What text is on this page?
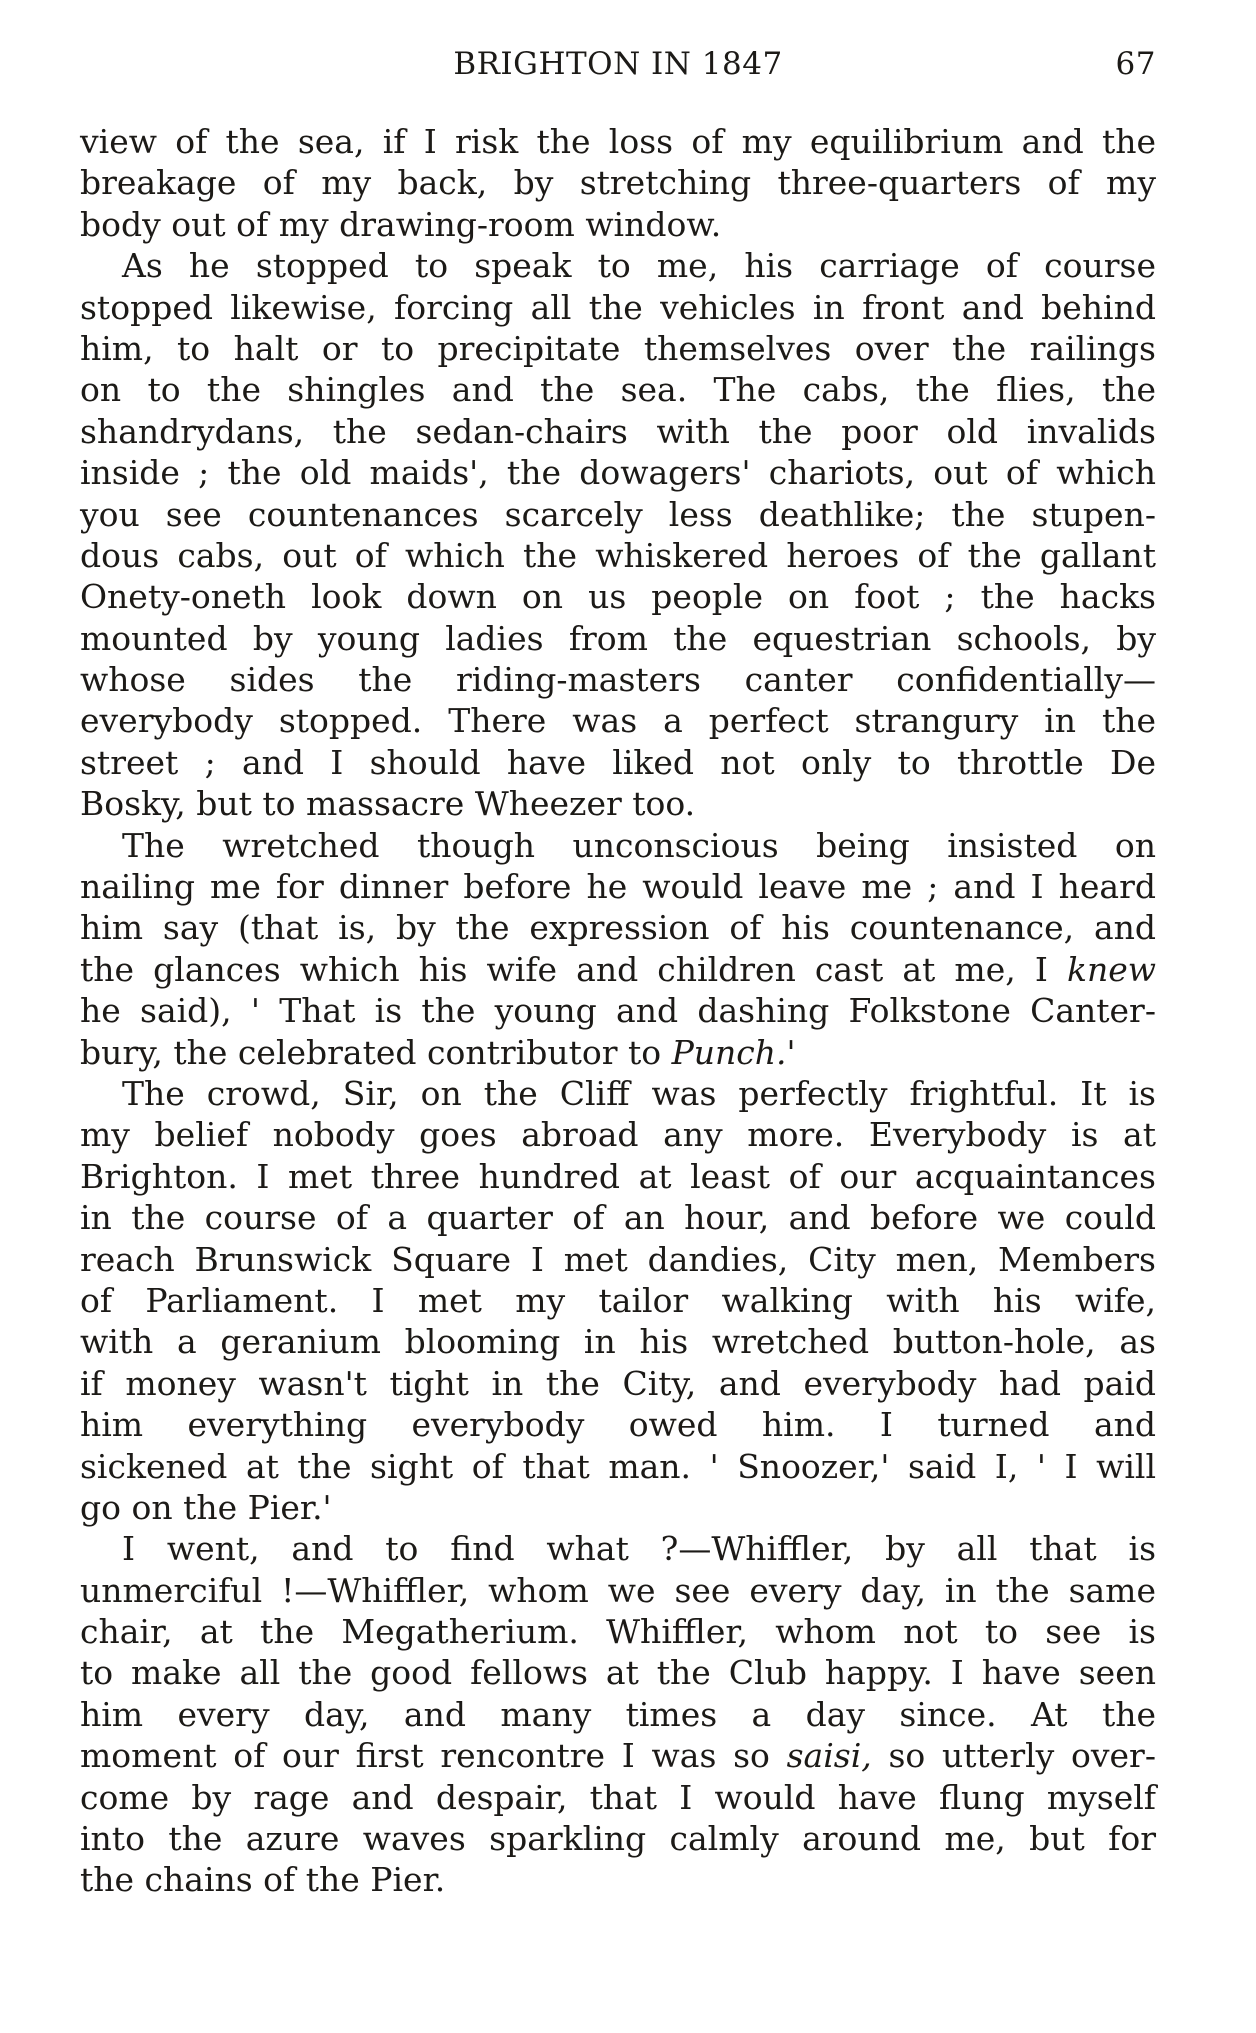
BRIGHTON IN 1847	67
view of the sea, if I risk the loss of my equilibrium and the
breakage of my back, by stretching three-quarters of my
body out of my drawing-room window.
As he stopped to speak to me, his carriage of course
stopped likewise, forcing all the vehicles in front and behind
him, to halt or to precipitate themselves over the railings
on to the shingles and the sea. The cabs, the flies, the
shandrydans, the sedan-chairs with the poor old invalids
inside ; the old maids', the dowagers' chariots, out of which
you see countenances scarcely less deathlike; the stupen-
dous cabs, out of which the whiskered heroes of the gallant
Onety-oneth look down on us people on foot ; the hacks
mounted by young ladies from the equestrian schools, by
whose sides the riding-masters canter confidentially—
everybody stopped. There was a perfect strangury in the
street ; and I should have liked not only to throttle De
Bosky, but to massacre Wheezer too.
The wretched though unconscious being insisted on
nailing me for dinner before he would leave me ; and I heard
him say (that is, by the expression of his countenance, and
the glances which his wife and children cast at me, I knew
he said), ' That is the young and dashing Folkstone Canter-
bury, the celebrated contributor to Punch.'
The crowd, Sir, on the Cliff was perfectly frightful. It is
my belief nobody goes abroad any more. Everybody is at
Brighton. I met three hundred at least of our acquaintances
in the course of a quarter of an hour, and before we could
reach Brunswick Square I met dandies, City men, Members
of Parliament. I met my tailor walking with his wife,
with a geranium blooming in his wretched button-hole, as
if money wasn't tight in the City, and everybody had paid
him everything everybody owed him. I turned and
sickened at the sight of that man. ' Snoozer,' said I, ' I will
go on the Pier.'
I went, and to find what ?—Whiffler, by all that is
unmerciful !—Whiffler, whom we see every day, in the same
chair, at the Megatherium. Whiffler, whom not to see is
to make all the good fellows at the Club happy. I have seen
him every day, and many times a day since. At the
moment of our first rencontre I was so saisi, so utterly over-
come by rage and despair, that I would have flung myself
into the azure waves sparkling calmly around me, but for
the chains of the Pier.
